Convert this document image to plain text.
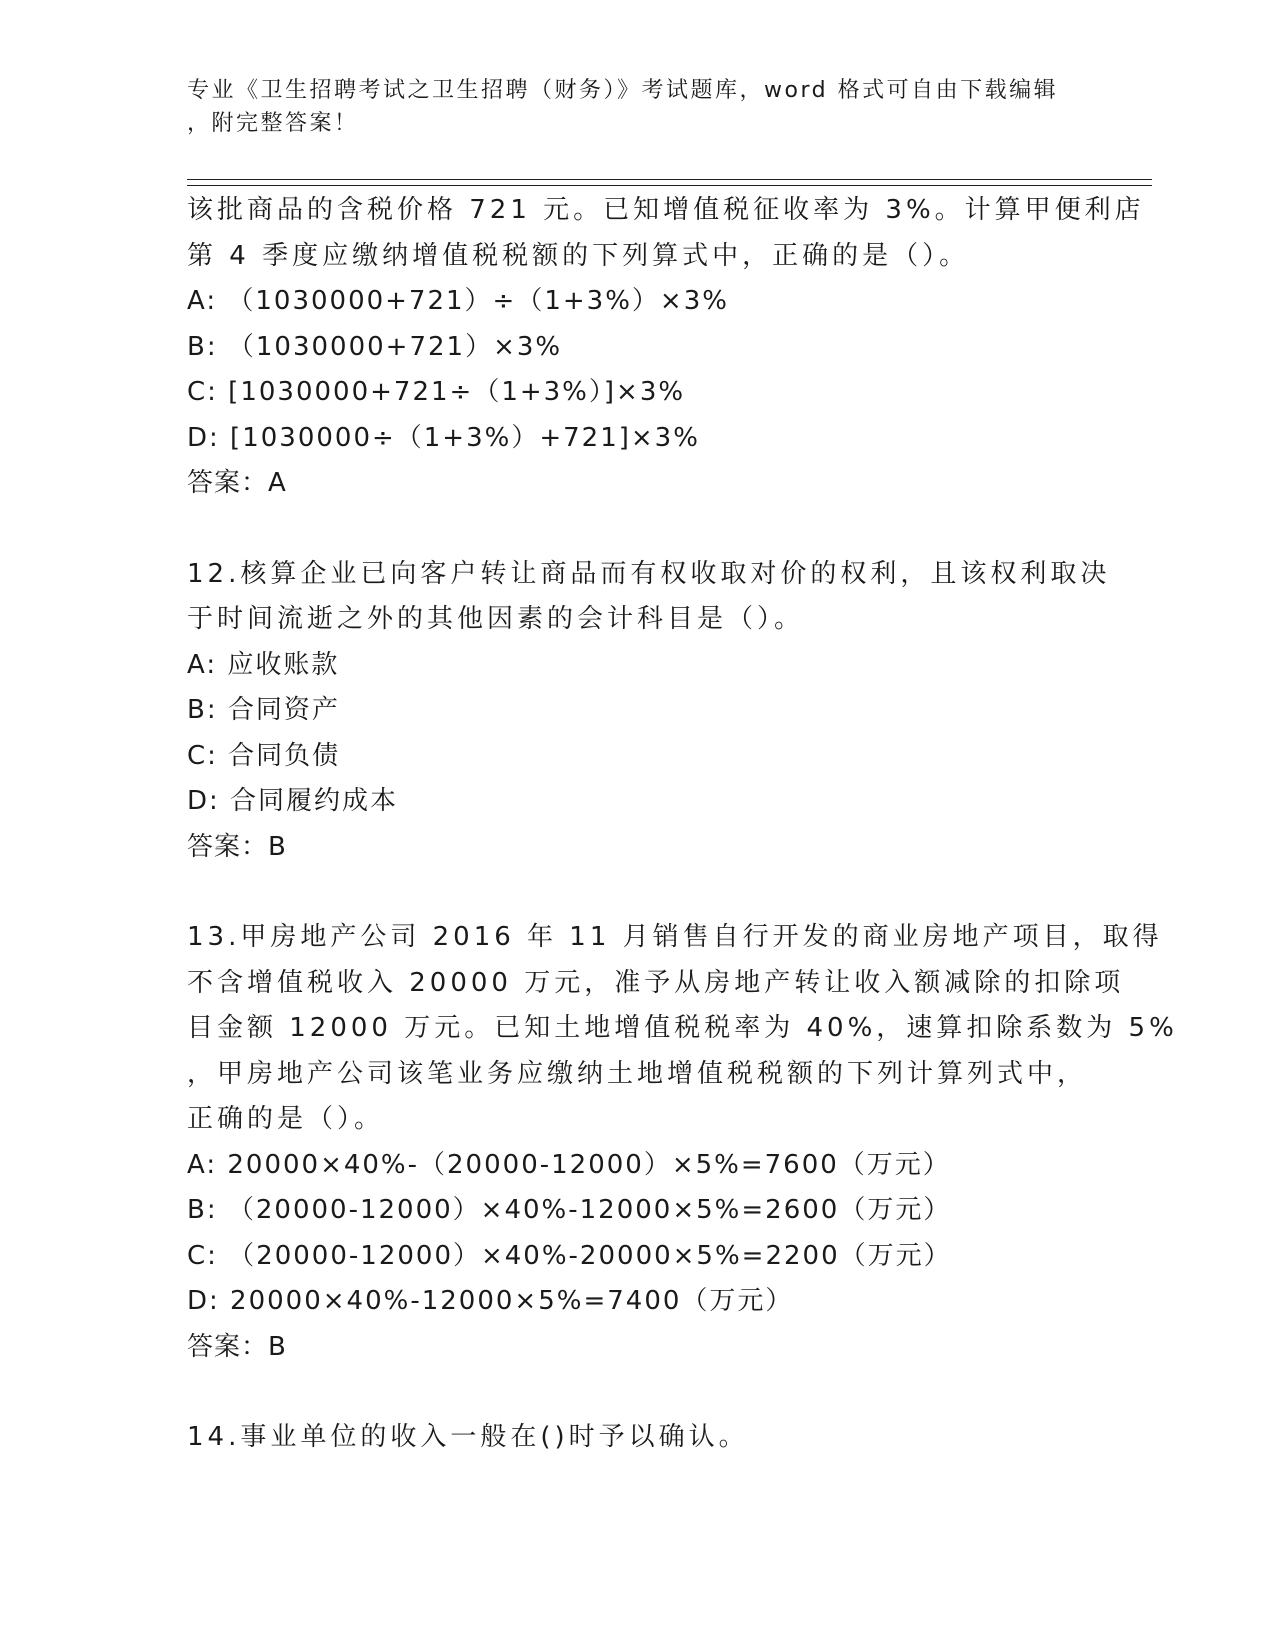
专业《卫生招聘考试之卫生招聘（财务）》考试题库，word 格式可自由下载编辑
，附完整答案！
该批商品的含税价格 721 元。已知增值税征收率为 3%。计算甲便利店
第 4 季度应缴纳增值税税额的下列算式中，正确的是（）。
A: （1030000+721）÷（1+3%）×3%
B: （1030000+721）×3%
C: [1030000+721÷（1+3%）]×3%
D: [1030000÷（1+3%）+721]×3%
答案：A
12.核算企业已向客户转让商品而有权收取对价的权利，且该权利取决
于时间流逝之外的其他因素的会计科目是（）。
A: 应收账款
B: 合同资产
C: 合同负债
D: 合同履约成本
答案：B
13.甲房地产公司 2016 年 11 月销售自行开发的商业房地产项目，取得
不含增值税收入 20000 万元，准予从房地产转让收入额减除的扣除项
目金额 12000 万元。已知土地增值税税率为 40%，速算扣除系数为 5%
，甲房地产公司该笔业务应缴纳土地增值税税额的下列计算列式中，
正确的是（）。
A: 20000×40%-（20000-12000）×5%=7600（万元）
B: （20000-12000）×40%-12000×5%=2600（万元）
C: （20000-12000）×40%-20000×5%=2200（万元）
D: 20000×40%-12000×5%=7400（万元）
答案：B
14.事业单位的收入一般在()时予以确认。
